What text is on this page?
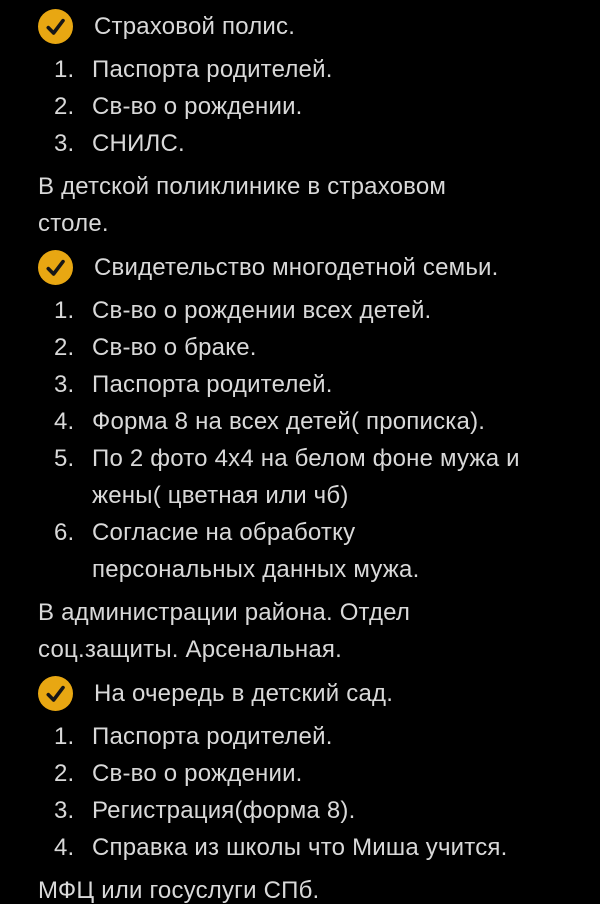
Страховой полис.
1. Паспорта родителей.
2. Св-во о рождении.
3. СНИЛС.
В детской поликлинике в страховом
столе.
Свидетельство многодетной семьи.
1. Св-во о рождении всех детей.
2. Св-во о браке.
3. Паспорта родителей.
4. Форма 8 на всех детей( прописка).
5. По 2 фото 4х4 на белом фоне мужа и
жены( цветная или чб)
6. Согласие на обработку
персональных данных мужа.
В администрации района. Отдел
соц.защиты. Арсенальная.
На очередь в детский сад.
1. Паспорта родителей.
2. Св-во о рождении.
3. Регистрация(форма 8).
4. Справка из школы что Миша учится.
МФЦ или госуслуги СПб.
